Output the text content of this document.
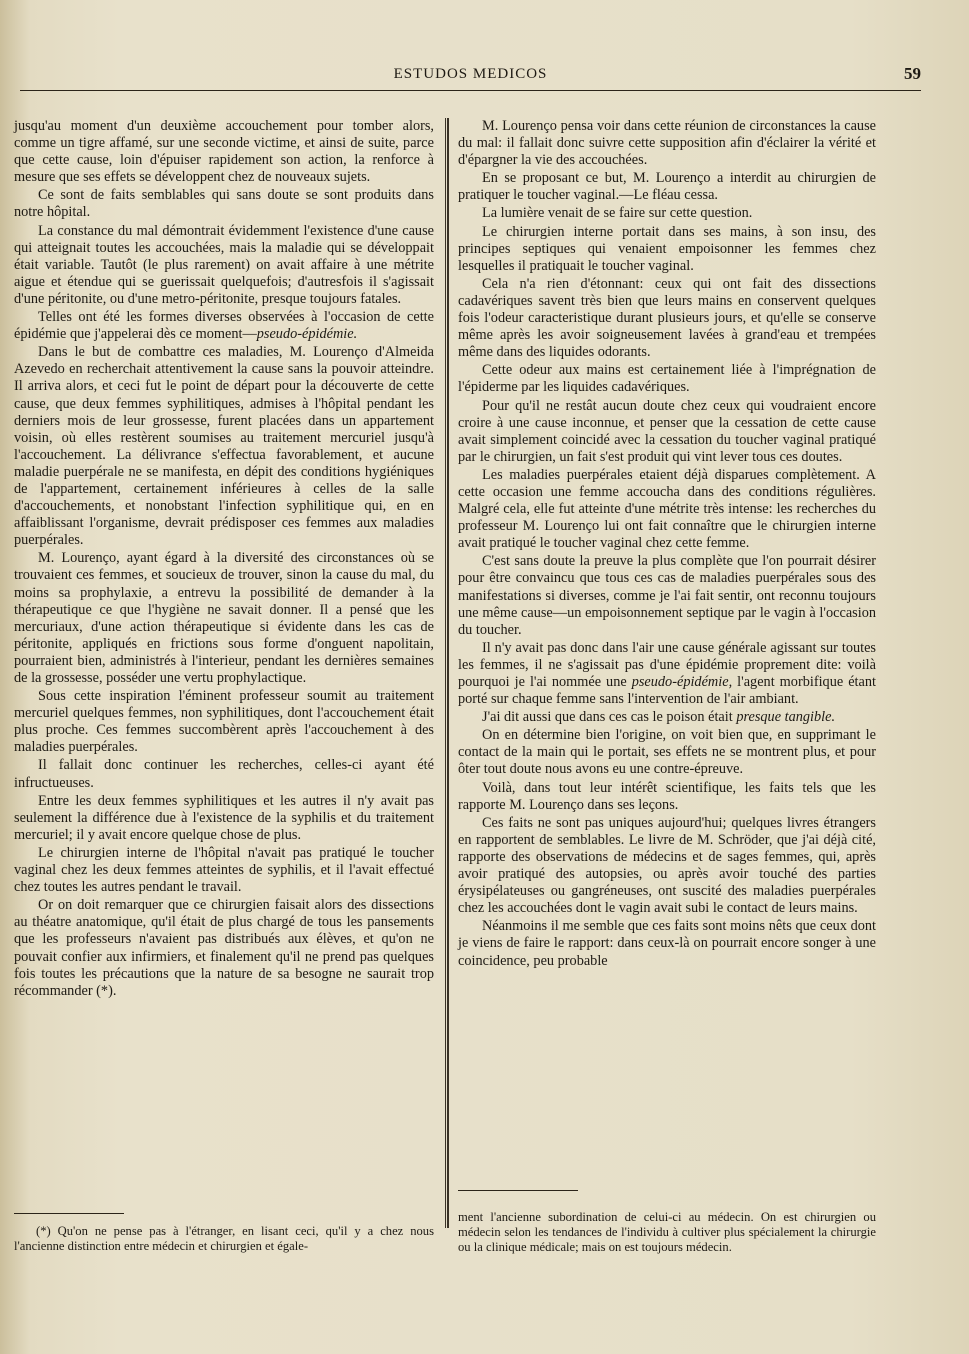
ESTUDOS MEDICOS	59

jusqu'au moment d'un deuxième accouchement pour tomber alors, comme un tigre affamé, sur une seconde victime, et ainsi de suite, parce que cette cause, loin d'épuiser rapidement son action, la renforce à mesure que ses effets se développent chez de nouveaux sujets.

Ce sont de faits semblables qui sans doute se sont produits dans notre hôpital.

La constance du mal démontrait évidemment l'existence d'une cause qui atteignait toutes les accouchées, mais la maladie qui se développait était variable. Tautôt (le plus rarement) on avait affaire à une métrite aigue et étendue qui se guerissait quelquefois; d'autresfois il s'agissait d'une péritonite, ou d'une metro-péritonite, presque toujours fatales.

Telles ont été les formes diverses observées à l'occasion de cette épidémie que j'appelerai dès ce moment—pseudo-épidémie.

Dans le but de combattre ces maladies, M. Lourenço d'Almeida Azevedo en recherchait attentivement la cause sans la pouvoir atteindre. Il arriva alors, et ceci fut le point de départ pour la découverte de cette cause, que deux femmes syphilitiques, admises à l'hôpital pendant les derniers mois de leur grossesse, furent placées dans un appartement voisin, où elles restèrent soumises au traitement mercuriel jusqu'à l'accouchement. La délivrance s'effectua favorablement, et aucune maladie puerpérale ne se manifesta, en dépit des conditions hygiéniques de l'appartement, certainement inférieures à celles de la salle d'accouchements, et nonobstant l'infection syphilitique qui, en en affaiblissant l'organisme, devrait prédisposer ces femmes aux maladies puerpérales.

M. Lourenço, ayant égard à la diversité des circonstances où se trouvaient ces femmes, et soucieux de trouver, sinon la cause du mal, du moins sa prophylaxie, a entrevu la possibilité de demander à la thérapeutique ce que l'hygiène ne savait donner. Il a pensé que les mercuriaux, d'une action thérapeutique si évidente dans les cas de péritonite, appliqués en frictions sous forme d'onguent napolitain, pourraient bien, administrés à l'interieur, pendant les dernières semaines de la grossesse, posséder une vertu prophylactique.

Sous cette inspiration l'éminent professeur soumit au traitement mercuriel quelques femmes, non syphilitiques, dont l'accouchement était plus proche. Ces femmes succombèrent après l'accouchement à des maladies puerpérales.

Il fallait donc continuer les recherches, celles-ci ayant été infructueuses.

Entre les deux femmes syphilitiques et les autres il n'y avait pas seulement la différence due à l'existence de la syphilis et du traitement mercuriel; il y avait encore quelque chose de plus.

Le chirurgien interne de l'hôpital n'avait pas pratiqué le toucher vaginal chez les deux femmes atteintes de syphilis, et il l'avait effectué chez toutes les autres pendant le travail.

Or on doit remarquer que ce chirurgien faisait alors des dissections au théatre anatomique, qu'il était de plus chargé de tous les pansements que les professeurs n'avaient pas distribués aux élèves, et qu'on ne pouvait confier aux infirmiers, et finalement qu'il ne prend pas quelques fois toutes les précautions que la nature de sa besogne ne saurait trop récommander (*).

M. Lourenço pensa voir dans cette réunion de circonstances la cause du mal: il fallait donc suivre cette supposition afin d'éclairer la vérité et d'épargner la vie des accouchées.

En se proposant ce but, M. Lourenço a interdit au chirurgien de pratiquer le toucher vaginal.—Le fléau cessa.

La lumière venait de se faire sur cette question.

Le chirurgien interne portait dans ses mains, à son insu, des principes septiques qui venaient empoisonner les femmes chez lesquelles il pratiquait le toucher vaginal.

Cela n'a rien d'étonnant: ceux qui ont fait des dissections cadavériques savent très bien que leurs mains en conservent quelques fois l'odeur caracteristique durant plusieurs jours, et qu'elle se conserve même après les avoir soigneusement lavées à grand'eau et trempées même dans des liquides odorants.

Cette odeur aux mains est certainement liée à l'imprégnation de l'épiderme par les liquides cadavériques.

Pour qu'il ne restât aucun doute chez ceux qui voudraient encore croire à une cause inconnue, et penser que la cessation de cette cause avait simplement coincidé avec la cessation du toucher vaginal pratiqué par le chirurgien, un fait s'est produit qui vint lever tous ces doutes.

Les maladies puerpérales etaient déjà disparues complètement. A cette occasion une femme accoucha dans des conditions régulières. Malgré cela, elle fut atteinte d'une métrite très intense: les recherches du professeur M. Lourenço lui ont fait connaître que le chirurgien interne avait pratiqué le toucher vaginal chez cette femme.

C'est sans doute la preuve la plus complète que l'on pourrait désirer pour être convaincu que tous ces cas de maladies puerpérales sous des manifestations si diverses, comme je l'ai fait sentir, ont reconnu toujours une même cause—un empoisonnement septique par le vagin à l'occasion du toucher.

Il n'y avait pas donc dans l'air une cause générale agissant sur toutes les femmes, il ne s'agissait pas d'une épidémie proprement dite: voilà pourquoi je l'ai nommée une pseudo-épidémie, l'agent morbifique étant porté sur chaque femme sans l'intervention de l'air ambiant.

J'ai dit aussi que dans ces cas le poison était presque tangible.

On en détermine bien l'origine, on voit bien que, en supprimant le contact de la main qui le portait, ses effets ne se montrent plus, et pour ôter tout doute nous avons eu une contre-épreuve.

Voilà, dans tout leur intérêt scientifique, les faits tels que les rapporte M. Lourenço dans ses leçons.

Ces faits ne sont pas uniques aujourd'hui; quelques livres étrangers en rapportent de semblables. Le livre de M. Schröder, que j'ai déjà cité, rapporte des observations de médecins et de sages femmes, qui, après avoir pratiqué des autopsies, ou après avoir touché des parties érysipélateuses ou gangréneuses, ont suscité des maladies puerpérales chez les accouchées dont le vagin avait subi le contact de leurs mains.

Néanmoins il me semble que ces faits sont moins nêts que ceux dont je viens de faire le rapport: dans ceux-là on pourrait encore songer à une coincidence, peu probable

(*) Qu'on ne pense pas à l'étranger, en lisant ceci, qu'il y a chez nous l'ancienne distinction entre médecin et chirurgien et égale-
ment l'ancienne subordination de celui-ci au médecin. On est chirurgien ou médecin selon les tendances de l'individu à cultiver plus spécialement la chirurgie ou la clinique médicale; mais on est toujours médecin.
